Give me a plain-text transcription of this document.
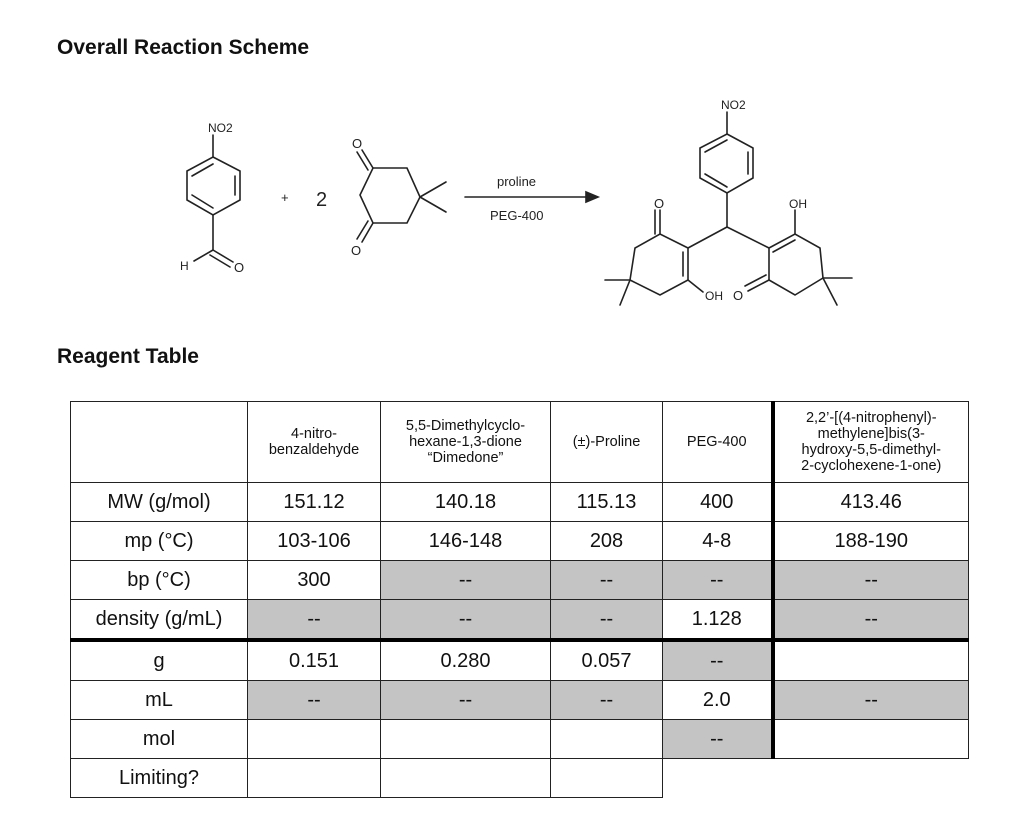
Overall Reaction Scheme
NO2
H	O
+ 2
O
O
proline
PEG-400
NO2
O
OH
OH
O
Reagent Table
	4-nitro-
benzaldehyde	5,5-Dimethylcyclo-
hexane-1,3-dione
“Dimedone”	(±)-Proline	PEG-400	2,2’-[(4-nitrophenyl)-
methylene]bis(3-
hydroxy-5,5-dimethyl-
2-cyclohexene-1-one)
MW (g/mol)	151.12	140.18	115.13	400	413.46
mp (°C)	103-106	146-148	208	4-8	188-190
bp (°C)	300	--	--	--	--
density (g/mL)	--	--	--	1.128	--
g	0.151	0.280	0.057	--	
mL	--	--	--	2.0	--
mol				--	
Limiting?					
